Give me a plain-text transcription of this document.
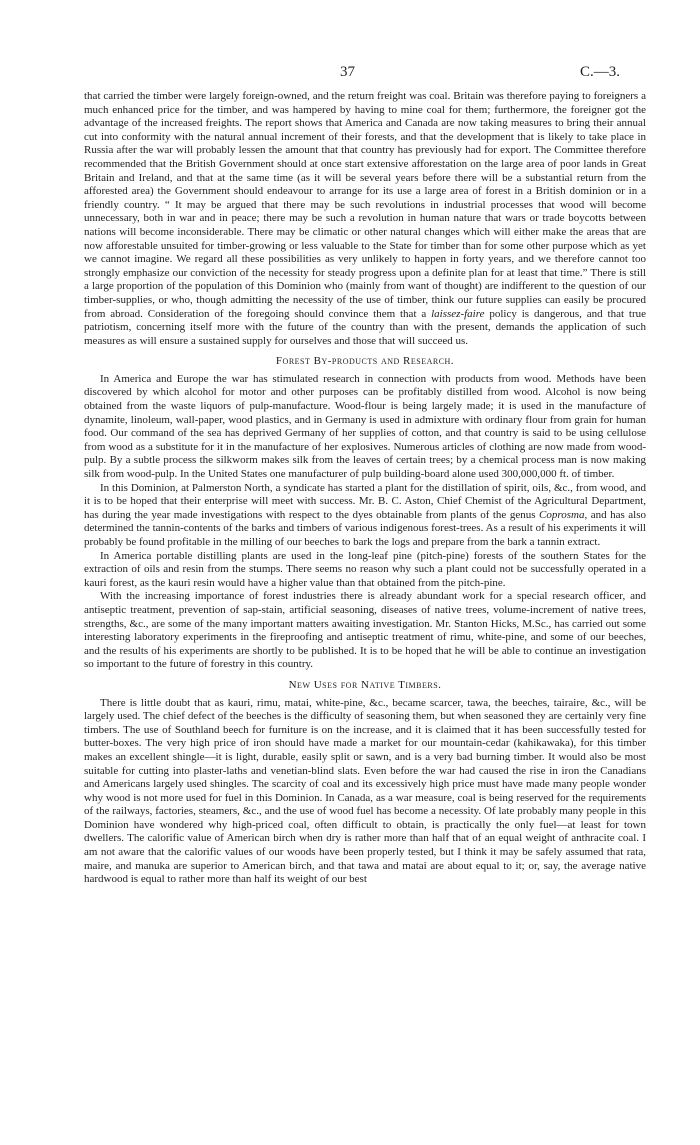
37	C.—3.

that carried the timber were largely foreign-owned, and the return freight was coal. Britain was therefore paying to foreigners a much enhanced price for the timber, and was hampered by having to mine coal for them; furthermore, the foreigner got the advantage of the increased freights. The report shows that America and Canada are now taking measures to bring their annual cut into conformity with the natural annual increment of their forests, and that the development that is likely to take place in Russia after the war will probably lessen the amount that that country has previously had for export. The Committee therefore recommended that the British Government should at once start extensive afforestation on the large area of poor lands in Great Britain and Ireland, and that at the same time (as it will be several years before there will be a substantial return from the afforested area) the Government should endeavour to arrange for its use a large area of forest in a British dominion or in a friendly country. “ It may be argued that there may be such revolutions in industrial processes that wood will become unnecessary, both in war and in peace; there may be such a revolution in human nature that wars or trade boycotts between nations will become inconsiderable. There may be climatic or other natural changes which will either make the areas that are now afforestable unsuited for timber-growing or less valuable to the State for timber than for some other purpose which as yet we cannot imagine. We regard all these possibilities as very unlikely to happen in forty years, and we therefore cannot too strongly emphasize our conviction of the necessity for steady progress upon a definite plan for at least that time.” There is still a large proportion of the population of this Dominion who (mainly from want of thought) are indifferent to the question of our timber-supplies, or who, though admitting the necessity of the use of timber, think our future supplies can easily be procured from abroad. Consideration of the foregoing should convince them that a laissez-faire policy is dangerous, and that true patriotism, concerning itself more with the future of the country than with the present, demands the application of such measures as will ensure a sustained supply for ourselves and those that will succeed us.

Forest By-products and Research.

In America and Europe the war has stimulated research in connection with products from wood. Methods have been discovered by which alcohol for motor and other purposes can be profitably distilled from wood. Alcohol is now being obtained from the waste liquors of pulp-manufacture. Wood-flour is being largely made; it is used in the manufacture of dynamite, linoleum, wall-paper, wood plastics, and in Germany is used in admixture with ordinary flour from grain for human food. Our command of the sea has deprived Germany of her supplies of cotton, and that country is said to be using cellulose from wood as a substitute for it in the manufacture of her explosives. Numerous articles of clothing are now made from wood-pulp. By a subtle process the silkworm makes silk from the leaves of certain trees; by a chemical process man is now making silk from wood-pulp. In the United States one manufacturer of pulp building-board alone used 300,000,000 ft. of timber.

In this Dominion, at Palmerston North, a syndicate has started a plant for the distillation of spirit, oils, &c., from wood, and it is to be hoped that their enterprise will meet with success. Mr. B. C. Aston, Chief Chemist of the Agricultural Department, has during the year made investigations with respect to the dyes obtainable from plants of the genus Coprosma, and has also determined the tannin-contents of the barks and timbers of various indigenous forest-trees. As a result of his experiments it will probably be found profitable in the milling of our beeches to bark the logs and prepare from the bark a tannin extract.

In America portable distilling plants are used in the long-leaf pine (pitch-pine) forests of the southern States for the extraction of oils and resin from the stumps. There seems no reason why such a plant could not be successfully operated in a kauri forest, as the kauri resin would have a higher value than that obtained from the pitch-pine.

With the increasing importance of forest industries there is already abundant work for a special research officer, and antiseptic treatment, prevention of sap-stain, artificial seasoning, diseases of native trees, volume-increment of native trees, strengths, &c., are some of the many important matters awaiting investigation. Mr. Stanton Hicks, M.Sc., has carried out some interesting laboratory experiments in the fireproofing and antiseptic treatment of rimu, white-pine, and some of our beeches, and the results of his experiments are shortly to be published. It is to be hoped that he will be able to continue an investigation so important to the future of forestry in this country.

New Uses for Native Timbers.

There is little doubt that as kauri, rimu, matai, white-pine, &c., became scarcer, tawa, the beeches, tairaire, &c., will be largely used. The chief defect of the beeches is the difficulty of seasoning them, but when seasoned they are certainly very fine timbers. The use of Southland beech for furniture is on the increase, and it is claimed that it has been successfully tested for butter-boxes. The very high price of iron should have made a market for our mountain-cedar (kahikawaka), for this timber makes an excellent shingle—it is light, durable, easily split or sawn, and is a very bad burning timber. It would also be most suitable for cutting into plaster-laths and venetian-blind slats. Even before the war had caused the rise in iron the Canadians and Americans largely used shingles. The scarcity of coal and its excessively high price must have made many people wonder why wood is not more used for fuel in this Dominion. In Canada, as a war measure, coal is being reserved for the requirements of the railways, factories, steamers, &c., and the use of wood fuel has become a necessity. Of late probably many people in this Dominion have wondered why high-priced coal, often difficult to obtain, is practically the only fuel—at least for town dwellers. The calorific value of American birch when dry is rather more than half that of an equal weight of anthracite coal. I am not aware that the calorific values of our woods have been properly tested, but I think it may be safely assumed that rata, maire, and manuka are superior to American birch, and that tawa and matai are about equal to it; or, say, the average native hardwood is equal to rather more than half its weight of our best
